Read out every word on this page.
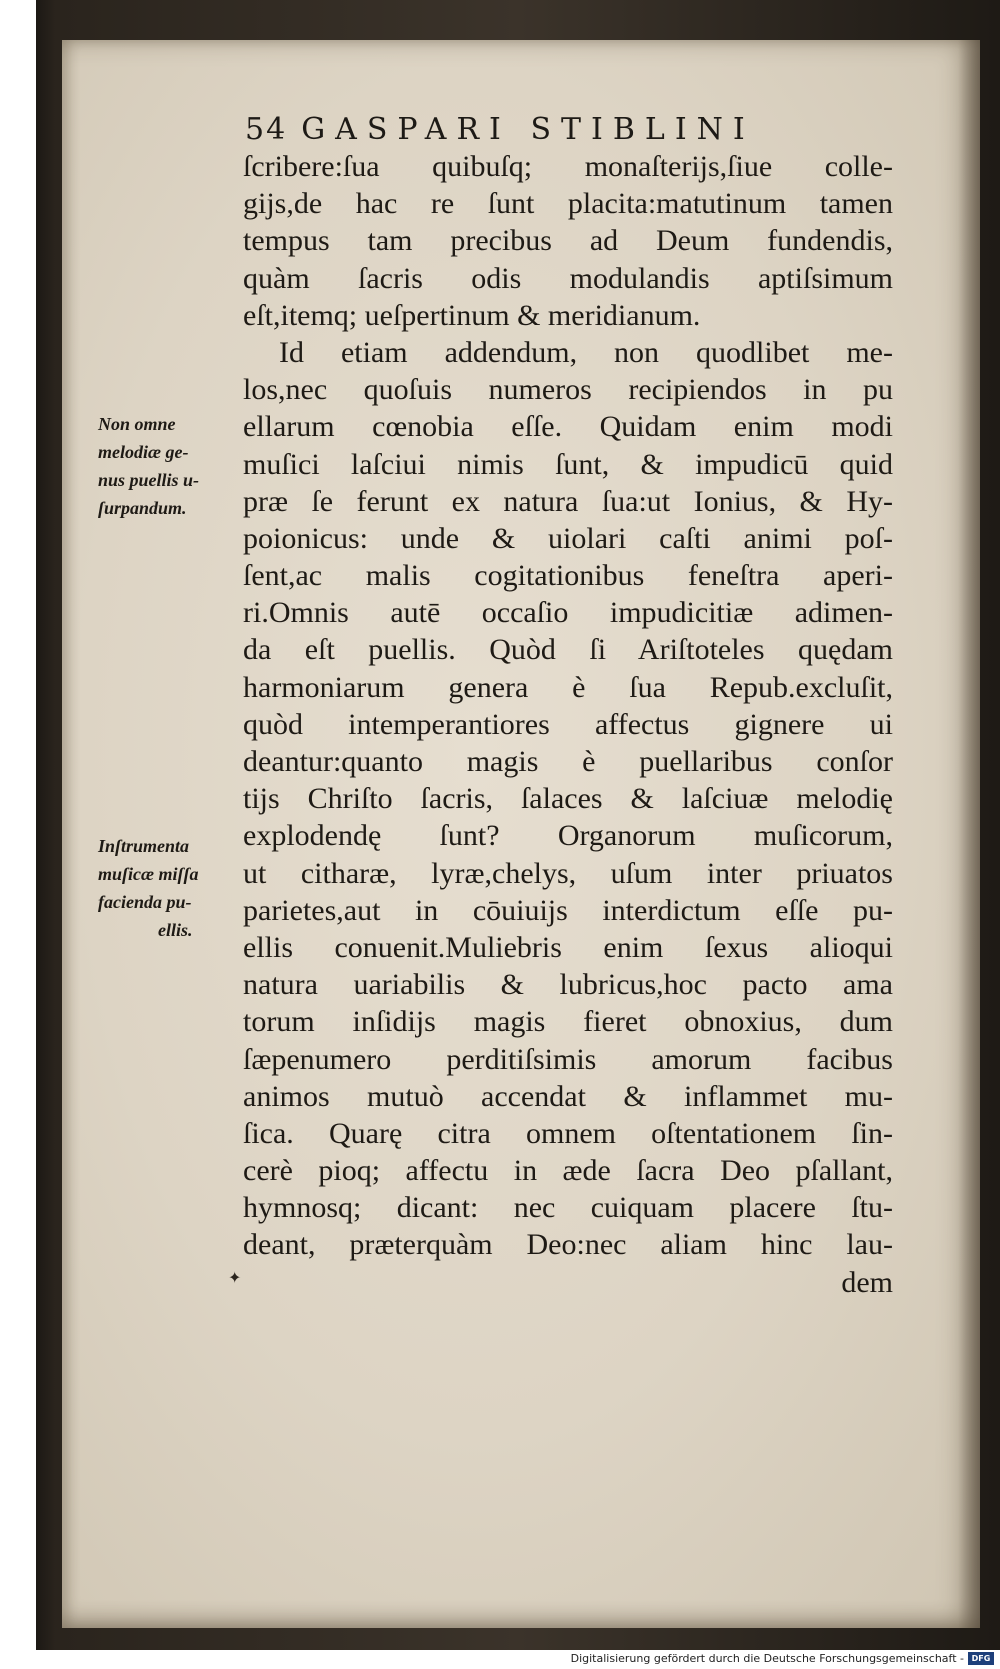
54 GASPARI STIBLINI
ſcribere:ſua quibuſq; monaſterijs,ſiue colle-
gijs,de hac re ſunt placita:matutinum tamen
tempus tam precibus ad Deum fundendis,
quàm ſacris odis modulandis aptiſsimum
eſt,itemq; ueſpertinum & meridianum.
Id etiam addendum, non quodlibet me-
los,nec quoſuis numeros recipiendos in pu
ellarum cœnobia eſſe. Quidam enim modi
muſici laſciui nimis ſunt, & impudicū quid
præ ſe ferunt ex natura ſua:ut Ionius, & Hy-
poionicus: unde & uiolari caſti animi poſ-
ſent,ac malis cogitationibus feneſtra aperi-
ri.Omnis autē occaſio impudicitiæ adimen-
da eſt puellis. Quòd ſi Ariſtoteles quędam
harmoniarum genera è ſua Repub.excluſit,
quòd intemperantiores affectus gignere ui
deantur:quanto magis è puellaribus conſor
tijs Chriſto ſacris, ſalaces & laſciuæ melodię
explodendę ſunt? Organorum muſicorum,
ut citharæ, lyræ,chelys, uſum inter priuatos
parietes,aut in cōuiuijs interdictum eſſe pu-
ellis conuenit.Muliebris enim ſexus alioqui
natura uariabilis & lubricus,hoc pacto ama
torum inſidijs magis fieret obnoxius, dum
ſæpenumero perditiſsimis amorum facibus
animos mutuò accendat & inflammet mu-
ſica. Quarę citra omnem oſtentationem ſin-
cerè pioq; affectu in æde ſacra Deo pſallant,
hymnosq; dicant: nec cuiquam placere ſtu-
deant, præterquàm Deo:nec aliam hinc lau-
dem
Non omne
melodiæ ge-
nus puellis u-
ſurpandum.
Inſtrumenta
muſicæ miſſa
facienda pu-
ellis.
✦
Digitalisierung gefördert durch die Deutsche Forschungsgemeinschaft - DFG
